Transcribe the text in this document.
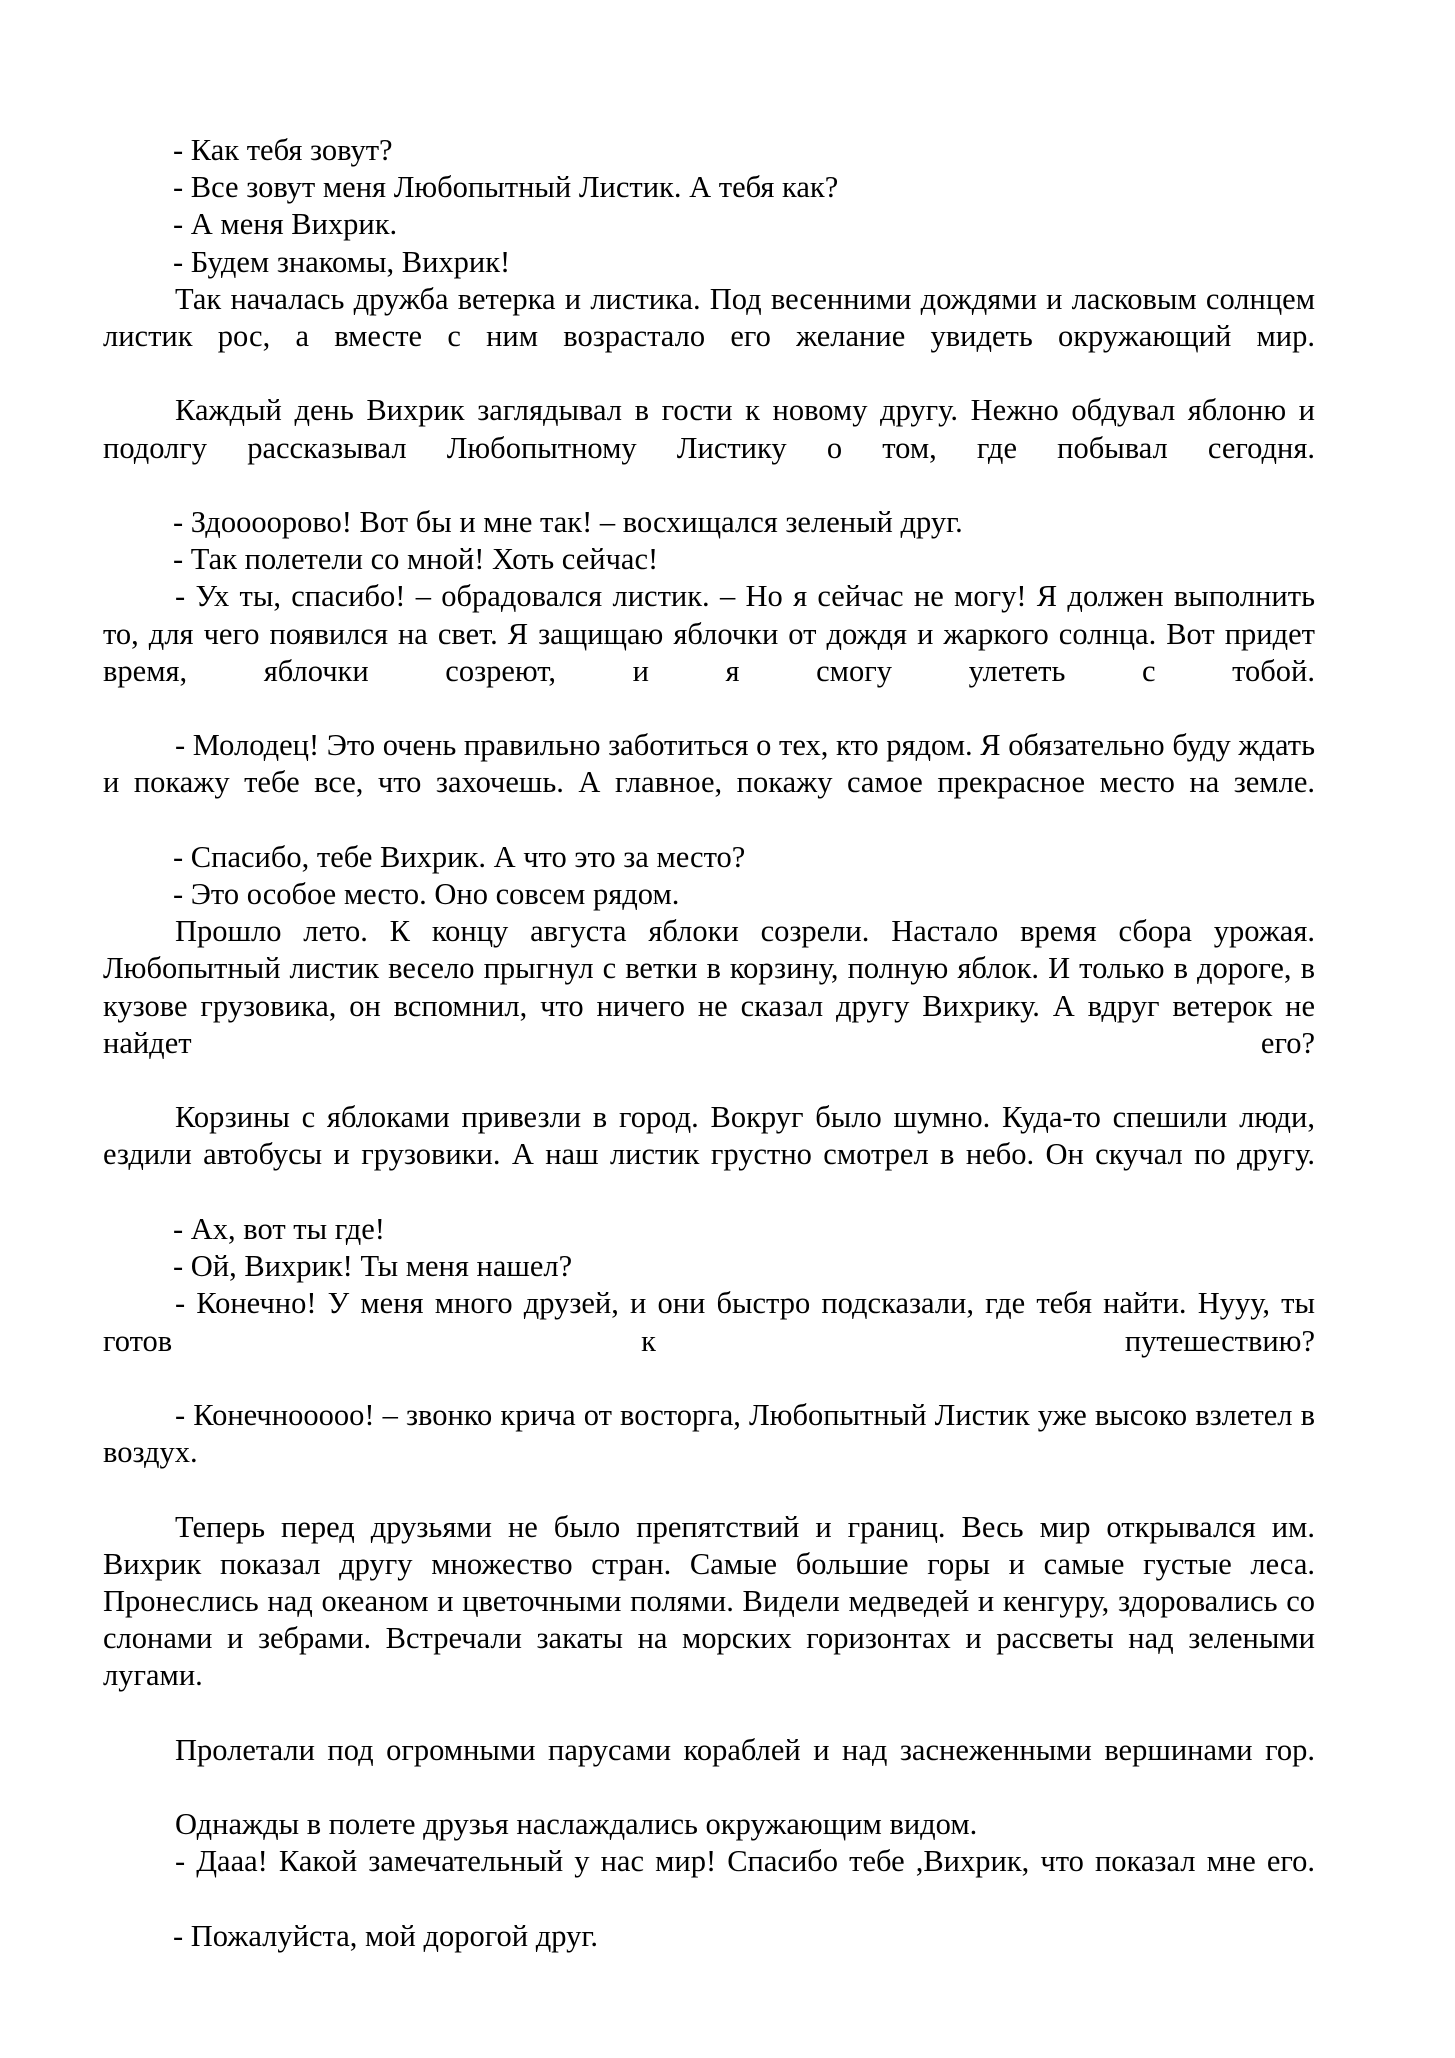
- Как тебя зовут?

- Все зовут меня Любопытный Листик. А тебя как?

- А меня Вихрик.

- Будем знакомы, Вихрик!

Так началась дружба ветерка и листика. Под весенними дождями и ласковым солнцем листик рос, а вместе с ним возрастало его желание увидеть окружающий мир.

Каждый день Вихрик заглядывал в гости к новому другу. Нежно обдувал яблоню и подолгу рассказывал Любопытному Листику о том, где побывал сегодня.

- Здоооорово! Вот бы и мне так! – восхищался зеленый друг.

- Так полетели со мной! Хоть сейчас!

- Ух ты, спасибо! – обрадовался листик. – Но я сейчас не могу! Я должен выполнить то, для чего появился на свет. Я защищаю яблочки от дождя и жаркого солнца. Вот придет время, яблочки созреют, и я смогу улететь с тобой.

- Молодец! Это очень правильно заботиться о тех, кто рядом. Я обязательно буду ждать и покажу тебе все, что захочешь. А главное, покажу самое прекрасное место на земле.

- Спасибо, тебе Вихрик. А что это за место?

- Это особое место. Оно совсем рядом.

Прошло лето. К концу августа яблоки созрели. Настало время сбора урожая. Любопытный листик весело прыгнул с ветки в корзину, полную яблок. И только в дороге, в кузове грузовика, он вспомнил, что ничего не сказал другу Вихрику. А вдруг ветерок не найдет его?

Корзины с яблоками привезли в город. Вокруг было шумно. Куда-то спешили люди, ездили автобусы и грузовики. А наш листик грустно смотрел в небо. Он скучал по другу.

- Ах, вот ты где!

- Ой, Вихрик! Ты меня нашел?

- Конечно! У меня много друзей, и они быстро подсказали, где тебя найти. Нууу, ты готов к путешествию?

- Конечнооооо! – звонко крича от восторга, Любопытный Листик уже высоко взлетел в воздух.

Теперь перед друзьями не было препятствий и границ. Весь мир открывался им. Вихрик показал другу множество стран. Самые большие горы и самые густые леса. Пронеслись над океаном и цветочными полями. Видели медведей и кенгуру, здоровались со слонами и зебрами. Встречали закаты на морских горизонтах и рассветы над зелеными лугами.

Пролетали под огромными парусами кораблей и над заснеженными вершинами гор.

Однажды в полете друзья наслаждались окружающим видом.

- Дааа! Какой замечательный у нас мир! Спасибо тебе ,Вихрик, что показал мне его.

- Пожалуйста, мой дорогой друг.
